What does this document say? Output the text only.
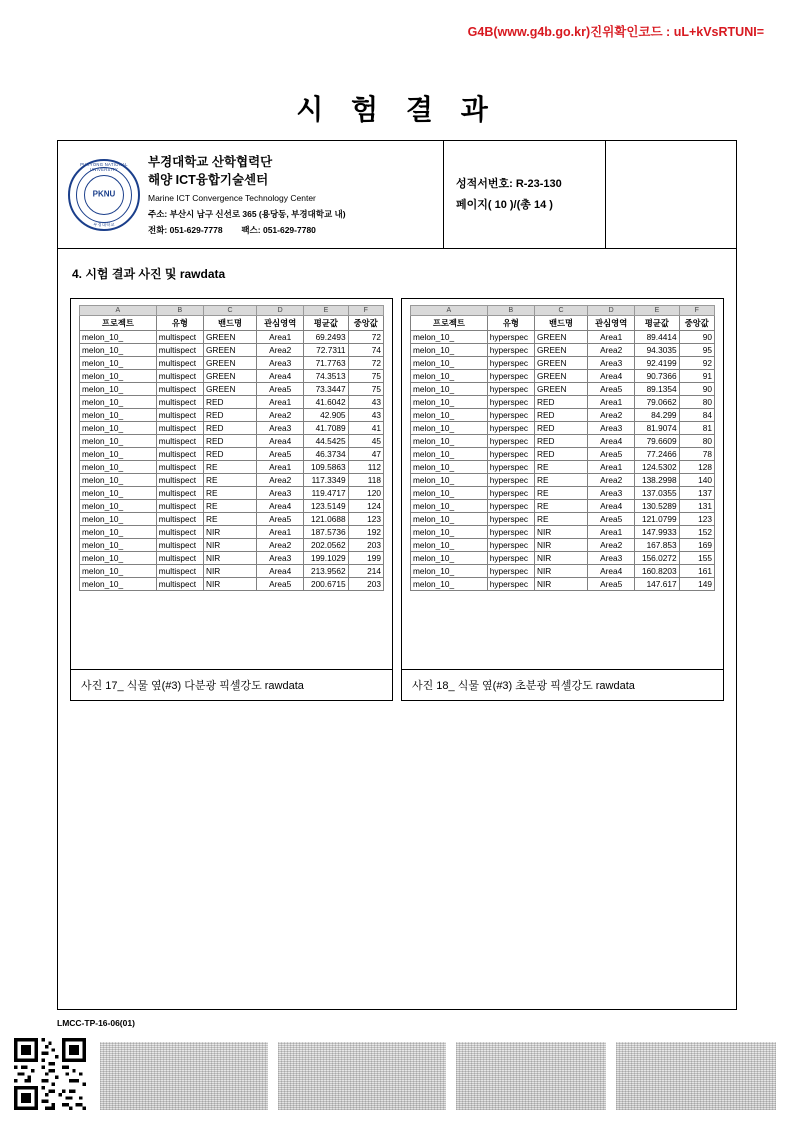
G4B(www.g4b.go.kr)진위확인코드 : uL+kVsRTUNI=
시 험 결 과
PUKYONG NATIONAL UNIVERSITY
부경대학교
PKNU
부경대학교 산학협력단
해양 ICT융합기술센터
Marine ICT Convergence Technology Center
주소: 부산시 남구 신선로 365 (용당동, 부경대학교 내)
전화: 051-629-7778 팩스: 051-629-7780
성적서번호: R-23-130
페이지( 10 )/(총 14 )
4. 시험 결과 사진 및 rawdata
A	B	C	D	E	F
프로젝트	유형	밴드명	관심영역	평균값	중앙값
melon_10_	multispect	GREEN	Area1	69.2493	72
melon_10_	multispect	GREEN	Area2	72.7311	74
melon_10_	multispect	GREEN	Area3	71.7763	72
melon_10_	multispect	GREEN	Area4	74.3513	75
melon_10_	multispect	GREEN	Area5	73.3447	75
melon_10_	multispect	RED	Area1	41.6042	43
melon_10_	multispect	RED	Area2	42.905	43
melon_10_	multispect	RED	Area3	41.7089	41
melon_10_	multispect	RED	Area4	44.5425	45
melon_10_	multispect	RED	Area5	46.3734	47
melon_10_	multispect	RE	Area1	109.5863	112
melon_10_	multispect	RE	Area2	117.3349	118
melon_10_	multispect	RE	Area3	119.4717	120
melon_10_	multispect	RE	Area4	123.5149	124
melon_10_	multispect	RE	Area5	121.0688	123
melon_10_	multispect	NIR	Area1	187.5736	192
melon_10_	multispect	NIR	Area2	202.0562	203
melon_10_	multispect	NIR	Area3	199.1029	199
melon_10_	multispect	NIR	Area4	213.9562	214
melon_10_	multispect	NIR	Area5	200.6715	203
사진 17_ 식물 옆(#3) 다분광 픽셀강도 rawdata
A	B	C	D	E	F
프로젝트	유형	밴드명	관심영역	평균값	중앙값
melon_10_	hyperspec	GREEN	Area1	89.4414	90
melon_10_	hyperspec	GREEN	Area2	94.3035	95
melon_10_	hyperspec	GREEN	Area3	92.4199	92
melon_10_	hyperspec	GREEN	Area4	90.7366	91
melon_10_	hyperspec	GREEN	Area5	89.1354	90
melon_10_	hyperspec	RED	Area1	79.0662	80
melon_10_	hyperspec	RED	Area2	84.299	84
melon_10_	hyperspec	RED	Area3	81.9074	81
melon_10_	hyperspec	RED	Area4	79.6609	80
melon_10_	hyperspec	RED	Area5	77.2466	78
melon_10_	hyperspec	RE	Area1	124.5302	128
melon_10_	hyperspec	RE	Area2	138.2998	140
melon_10_	hyperspec	RE	Area3	137.0355	137
melon_10_	hyperspec	RE	Area4	130.5289	131
melon_10_	hyperspec	RE	Area5	121.0799	123
melon_10_	hyperspec	NIR	Area1	147.9933	152
melon_10_	hyperspec	NIR	Area2	167.853	169
melon_10_	hyperspec	NIR	Area3	156.0272	155
melon_10_	hyperspec	NIR	Area4	160.8203	161
melon_10_	hyperspec	NIR	Area5	147.617	149
사진 18_ 식물 옆(#3) 초분광 픽셀강도 rawdata
LMCC-TP-16-06(01)
